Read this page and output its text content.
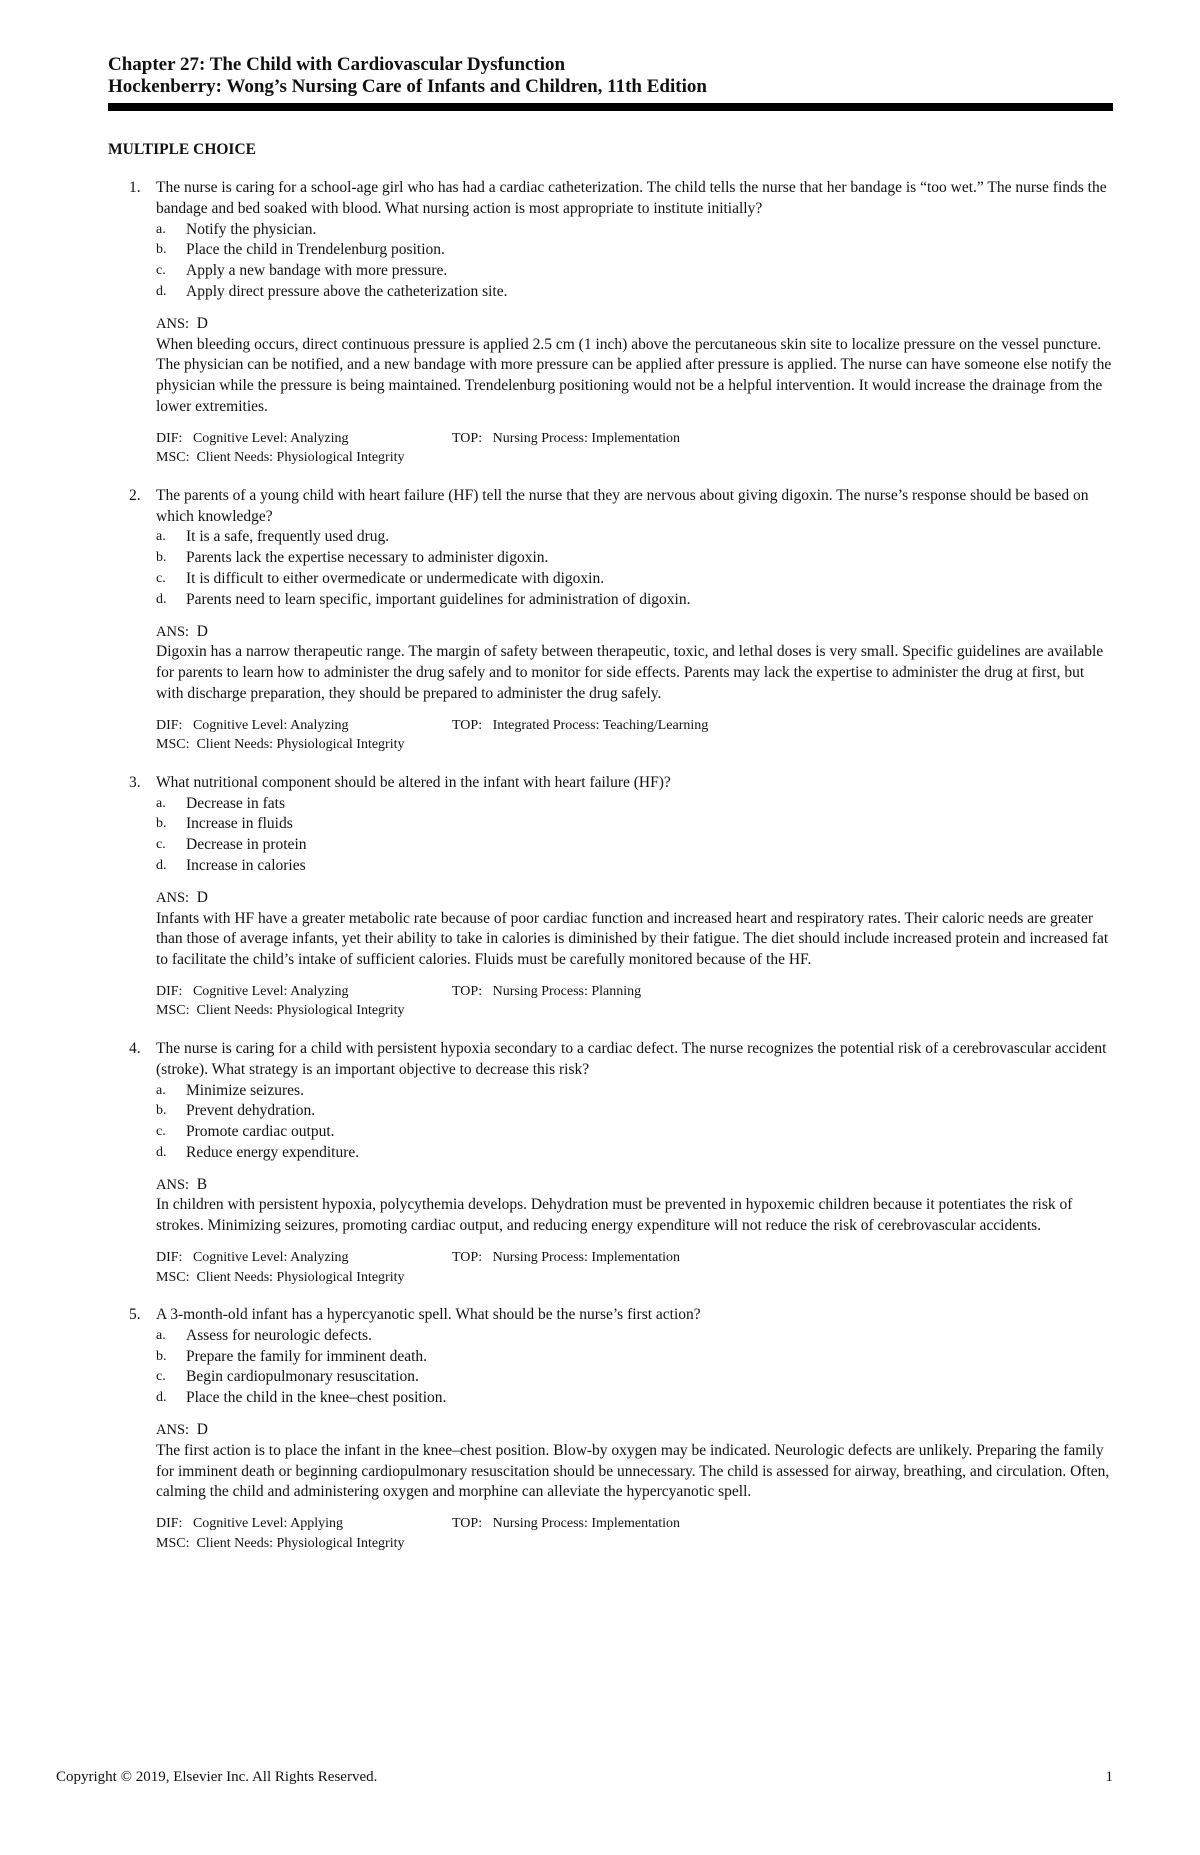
Chapter 27: The Child with Cardiovascular Dysfunction
Hockenberry: Wong’s Nursing Care of Infants and Children, 11th Edition
MULTIPLE CHOICE
1. The nurse is caring for a school-age girl who has had a cardiac catheterization. The child tells the nurse that her bandage is “too wet.” The nurse finds the bandage and bed soaked with blood. What nursing action is most appropriate to institute initially?
a. Notify the physician.
b. Place the child in Trendelenburg position.
c. Apply a new bandage with more pressure.
d. Apply direct pressure above the catheterization site.
ANS: D
When bleeding occurs, direct continuous pressure is applied 2.5 cm (1 inch) above the percutaneous skin site to localize pressure on the vessel puncture. The physician can be notified, and a new bandage with more pressure can be applied after pressure is applied. The nurse can have someone else notify the physician while the pressure is being maintained. Trendelenburg positioning would not be a helpful intervention. It would increase the drainage from the lower extremities.
DIF:   Cognitive Level: Analyzing	TOP:   Nursing Process: Implementation
MSC:  Client Needs: Physiological Integrity
2. The parents of a young child with heart failure (HF) tell the nurse that they are nervous about giving digoxin. The nurse’s response should be based on which knowledge?
a. It is a safe, frequently used drug.
b. Parents lack the expertise necessary to administer digoxin.
c. It is difficult to either overmedicate or undermedicate with digoxin.
d. Parents need to learn specific, important guidelines for administration of digoxin.
ANS: D
Digoxin has a narrow therapeutic range. The margin of safety between therapeutic, toxic, and lethal doses is very small. Specific guidelines are available for parents to learn how to administer the drug safely and to monitor for side effects. Parents may lack the expertise to administer the drug at first, but with discharge preparation, they should be prepared to administer the drug safely.
DIF:   Cognitive Level: Analyzing	TOP:   Integrated Process: Teaching/Learning
MSC:  Client Needs: Physiological Integrity
3. What nutritional component should be altered in the infant with heart failure (HF)?
a. Decrease in fats
b. Increase in fluids
c. Decrease in protein
d. Increase in calories
ANS: D
Infants with HF have a greater metabolic rate because of poor cardiac function and increased heart and respiratory rates. Their caloric needs are greater than those of average infants, yet their ability to take in calories is diminished by their fatigue. The diet should include increased protein and increased fat to facilitate the child’s intake of sufficient calories. Fluids must be carefully monitored because of the HF.
DIF:   Cognitive Level: Analyzing	TOP:   Nursing Process: Planning
MSC:  Client Needs: Physiological Integrity
4. The nurse is caring for a child with persistent hypoxia secondary to a cardiac defect. The nurse recognizes the potential risk of a cerebrovascular accident (stroke). What strategy is an important objective to decrease this risk?
a. Minimize seizures.
b. Prevent dehydration.
c. Promote cardiac output.
d. Reduce energy expenditure.
ANS: B
In children with persistent hypoxia, polycythemia develops. Dehydration must be prevented in hypoxemic children because it potentiates the risk of strokes. Minimizing seizures, promoting cardiac output, and reducing energy expenditure will not reduce the risk of cerebrovascular accidents.
DIF:   Cognitive Level: Analyzing	TOP:   Nursing Process: Implementation
MSC:  Client Needs: Physiological Integrity
5. A 3-month-old infant has a hypercyanotic spell. What should be the nurse’s first action?
a. Assess for neurologic defects.
b. Prepare the family for imminent death.
c. Begin cardiopulmonary resuscitation.
d. Place the child in the knee–chest position.
ANS: D
The first action is to place the infant in the knee–chest position. Blow-by oxygen may be indicated. Neurologic defects are unlikely. Preparing the family for imminent death or beginning cardiopulmonary resuscitation should be unnecessary. The child is assessed for airway, breathing, and circulation. Often, calming the child and administering oxygen and morphine can alleviate the hypercyanotic spell.
DIF:   Cognitive Level: Applying	TOP:   Nursing Process: Implementation
MSC:  Client Needs: Physiological Integrity
Copyright © 2019, Elsevier Inc. All Rights Reserved.	1
